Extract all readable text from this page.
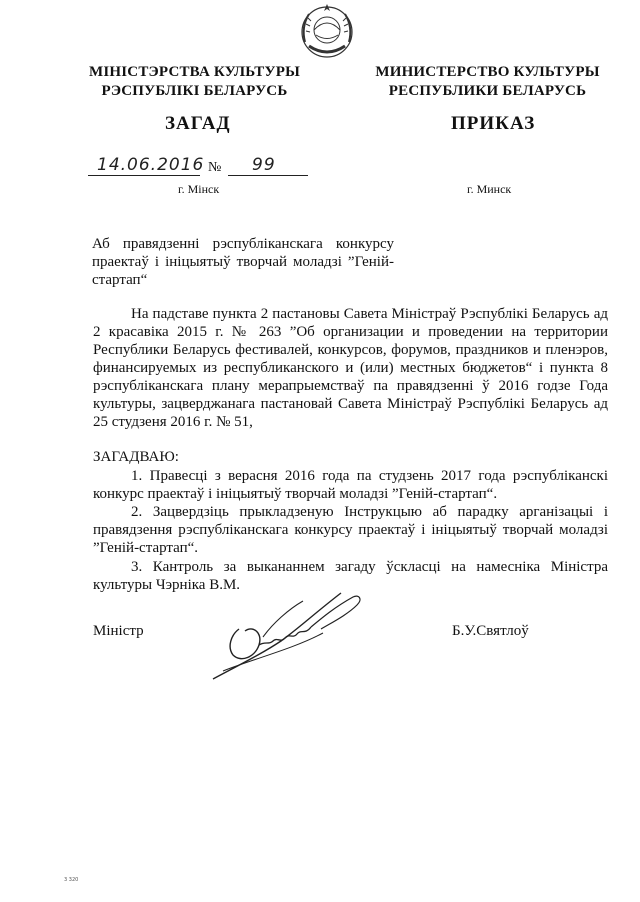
МІНІСТЭРСТВА КУЛЬТУРЫ
РЭСПУБЛІКІ БЕЛАРУСЬ
МИНИСТЕРСТВО КУЛЬТУРЫ
РЕСПУБЛИКИ БЕЛАРУСЬ
ЗАГАД	ПРИКАЗ
14.06.2016 № 99
г. Мінск	г. Минск
Аб правядзенні рэспубліканскага конкурсу праектаў і ініцыятыў творчай моладзі ”Геній-стартап“
На падставе пункта 2 пастановы Савета Міністраў Рэспублікі Беларусь ад 2 красавіка 2015 г. № 263 ”Об организации и проведении на территории Республики Беларусь фестивалей, конкурсов, форумов, праздников и пленэров, финансируемых из республиканского и (или) местных бюджетов“ і пункта 8 рэспубліканскага плану мерапрыемстваў па правядзенні ў 2016 годзе Года культуры, зацверджанага пастановай Савета Міністраў Рэспублікі Беларусь ад 25 студзеня 2016 г. № 51,
ЗАГАДВАЮ:
1. Правесці з верасня 2016 года па студзень 2017 года рэспубліканскі конкурс праектаў і ініцыятыў творчай моладзі ”Геній-стартап“.
2. Зацвердзіць прыкладзеную Інструкцыю аб парадку арганізацыі і правядзення рэспубліканскага конкурсу праектаў і ініцыятыў творчай моладзі ”Геній-стартап“.
3. Кантроль за выкананнем загаду ўскласці на намесніка Міністра культуры Чэрніка В.М.
Міністр	Б.У.Святлоў
3 320
